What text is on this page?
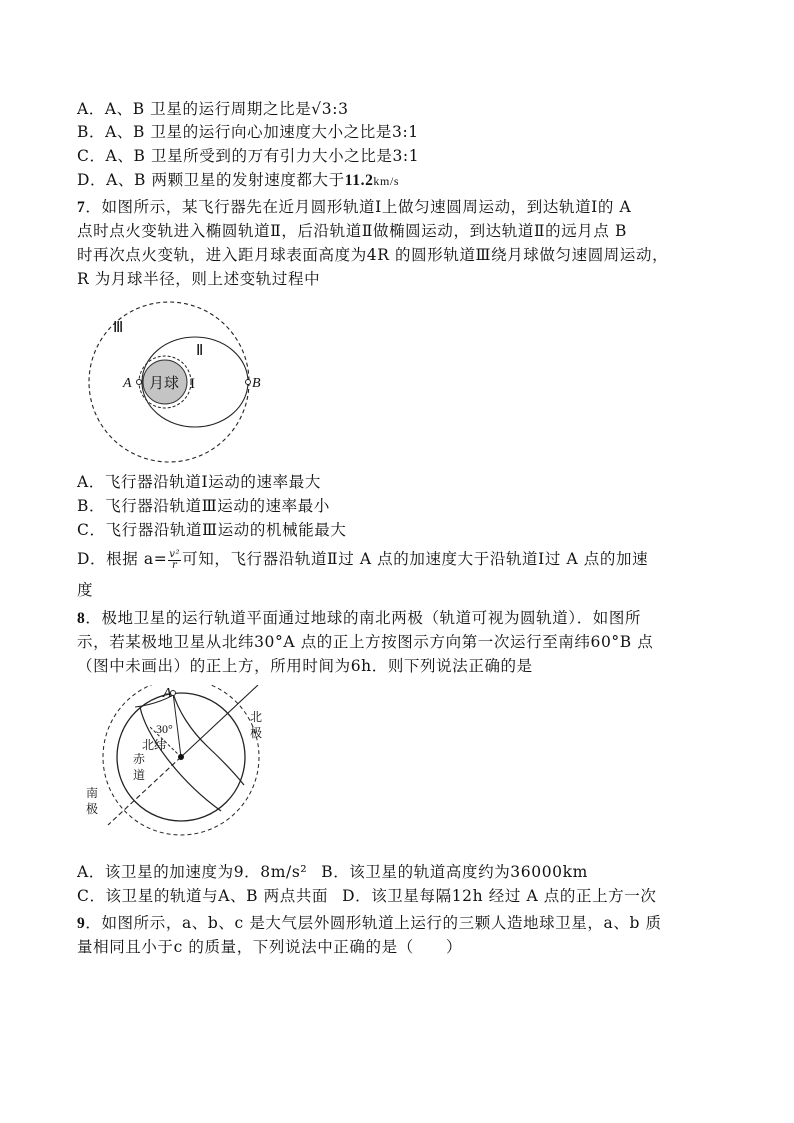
A．A、B 卫星的运行周期之比是√3:3
B．A、B 卫星的运行向心加速度大小之比是3:1
C．A、B 卫星所受到的万有引力大小之比是3:1
D．A、B 两颗卫星的发射速度都大于11.2km/s
7．如图所示，某飞行器先在近月圆形轨道Ⅰ上做匀速圆周运动，到达轨道Ⅰ的 A
点时点火变轨进入椭圆轨道Ⅱ，后沿轨道Ⅱ做椭圆运动，到达轨道Ⅱ的远月点 B
时再次点火变轨，进入距月球表面高度为4R 的圆形轨道Ⅲ绕月球做匀速圆周运动，
R 为月球半径，则上述变轨过程中
月球
A	B
Ⅲ
Ⅱ
I
A．飞行器沿轨道Ⅰ运动的速率最大
B．飞行器沿轨道Ⅲ运动的速率最小
C．飞行器沿轨道Ⅲ运动的机械能最大
D．根据 $a= \frac{\text{v²}}{r}$ 可知，飞行器沿轨道Ⅱ过 A 点的加速度大于沿轨道Ⅰ过 A 点的加速
度
8．极地卫星的运行轨道平面通过地球的南北两极（轨道可视为圆轨道）．如图所
示，若某极地卫星从北纬30°A 点的正上方按图示方向第一次运行至南纬60°B 点
（图中未画出）的正上方，所用时间为6h．则下列说法正确的是
A
30°
北纬
赤
道
北
极
南
极
A．该卫星的加速度为9．8m/s² B．该卫星的轨道高度约为36000km
C．该卫星的轨道与A、B 两点共面 D．该卫星每隔12h 经过 A 点的正上方一次
9．如图所示，a、b、c 是大气层外圆形轨道上运行的三颗人造地球卫星，a、b 质
量相同且小于c 的质量，下列说法中正确的是（　　）
